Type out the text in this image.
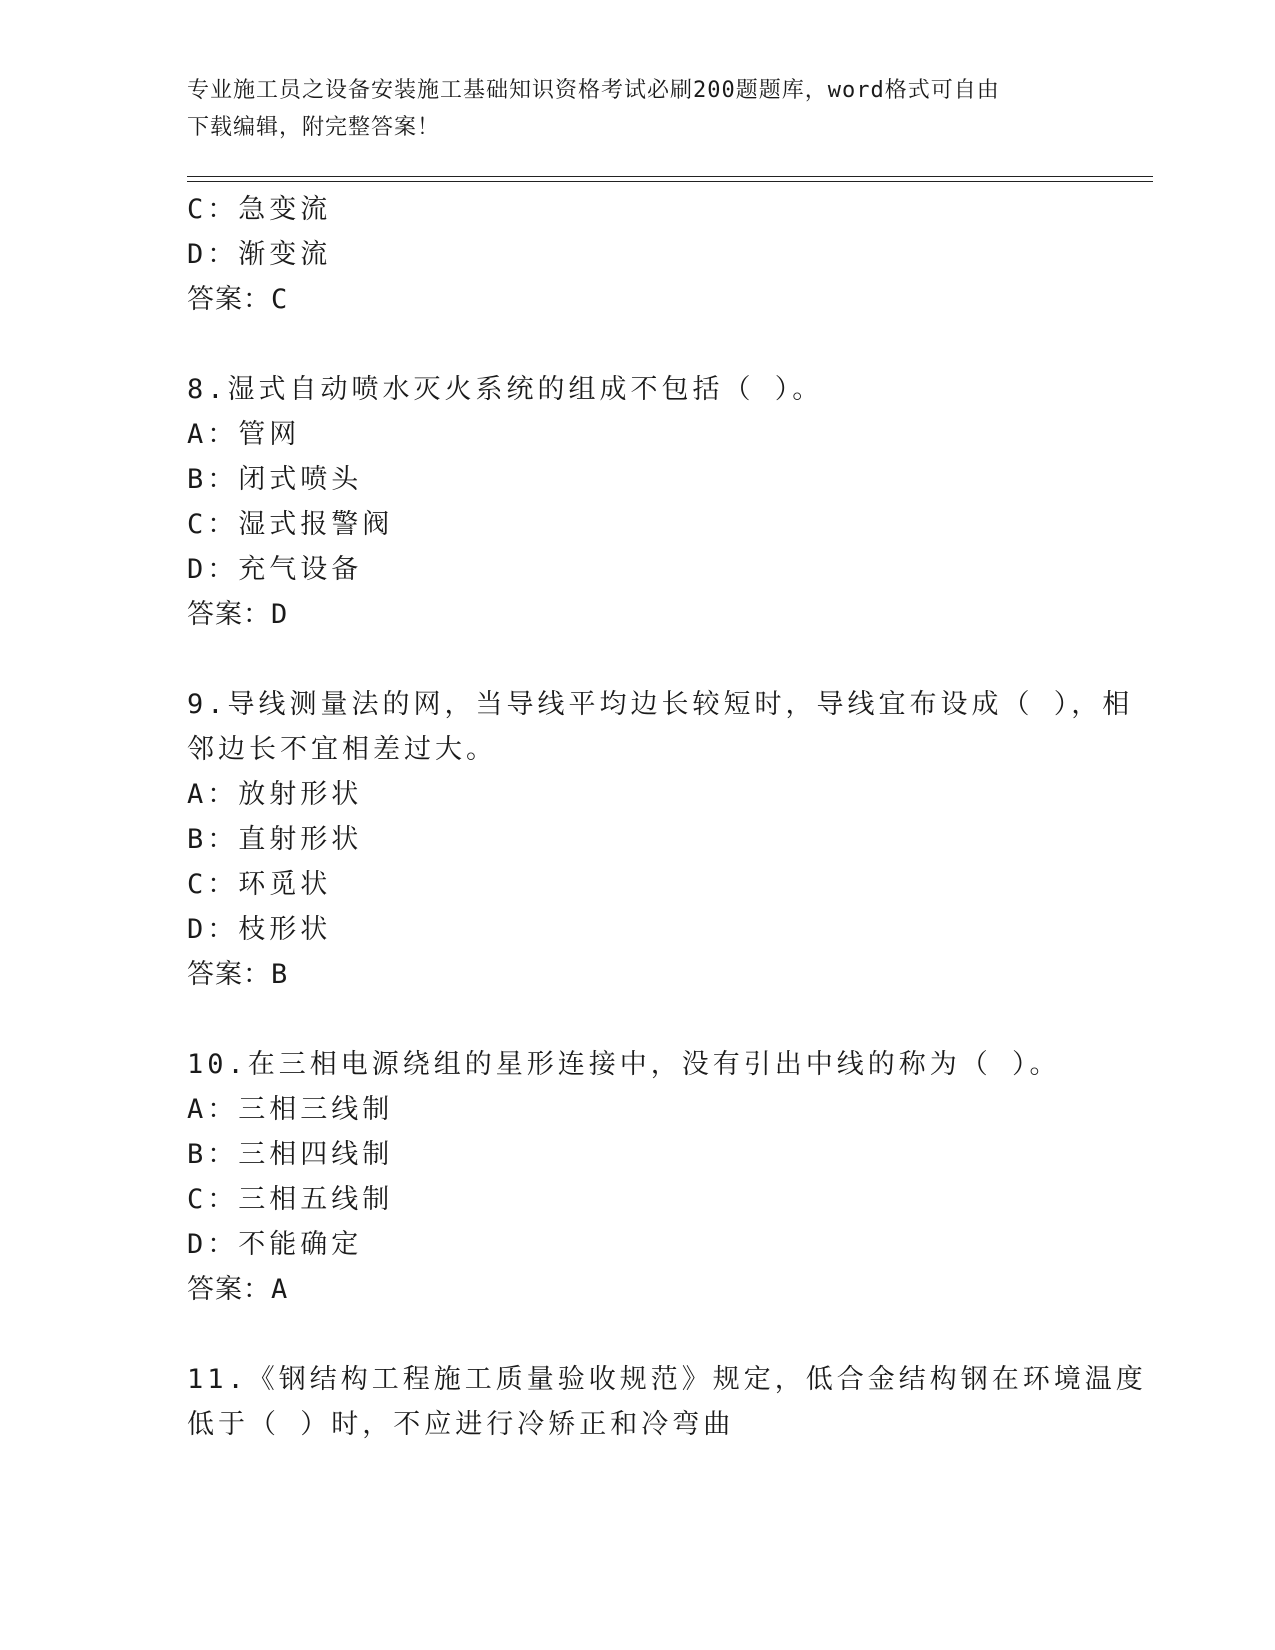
专业施工员之设备安装施工基础知识资格考试必刷200题题库，word格式可自由
下载编辑，附完整答案！
C：急变流
D：渐变流
答案：C
8.湿式自动喷水灭火系统的组成不包括（ ）。
A：管网
B：闭式喷头
C：湿式报警阀
D：充气设备
答案：D
9.导线测量法的网，当导线平均边长较短时，导线宜布设成（ ），相
邻边长不宜相差过大。
A：放射形状
B：直射形状
C：环觅状
D：枝形状
答案：B
10.在三相电源绕组的星形连接中，没有引出中线的称为（ ）。
A：三相三线制
B：三相四线制
C：三相五线制
D：不能确定
答案：A
11.《钢结构工程施工质量验收规范》规定，低合金结构钢在环境温度
低于（ ）时，不应进行冷矫正和冷弯曲
